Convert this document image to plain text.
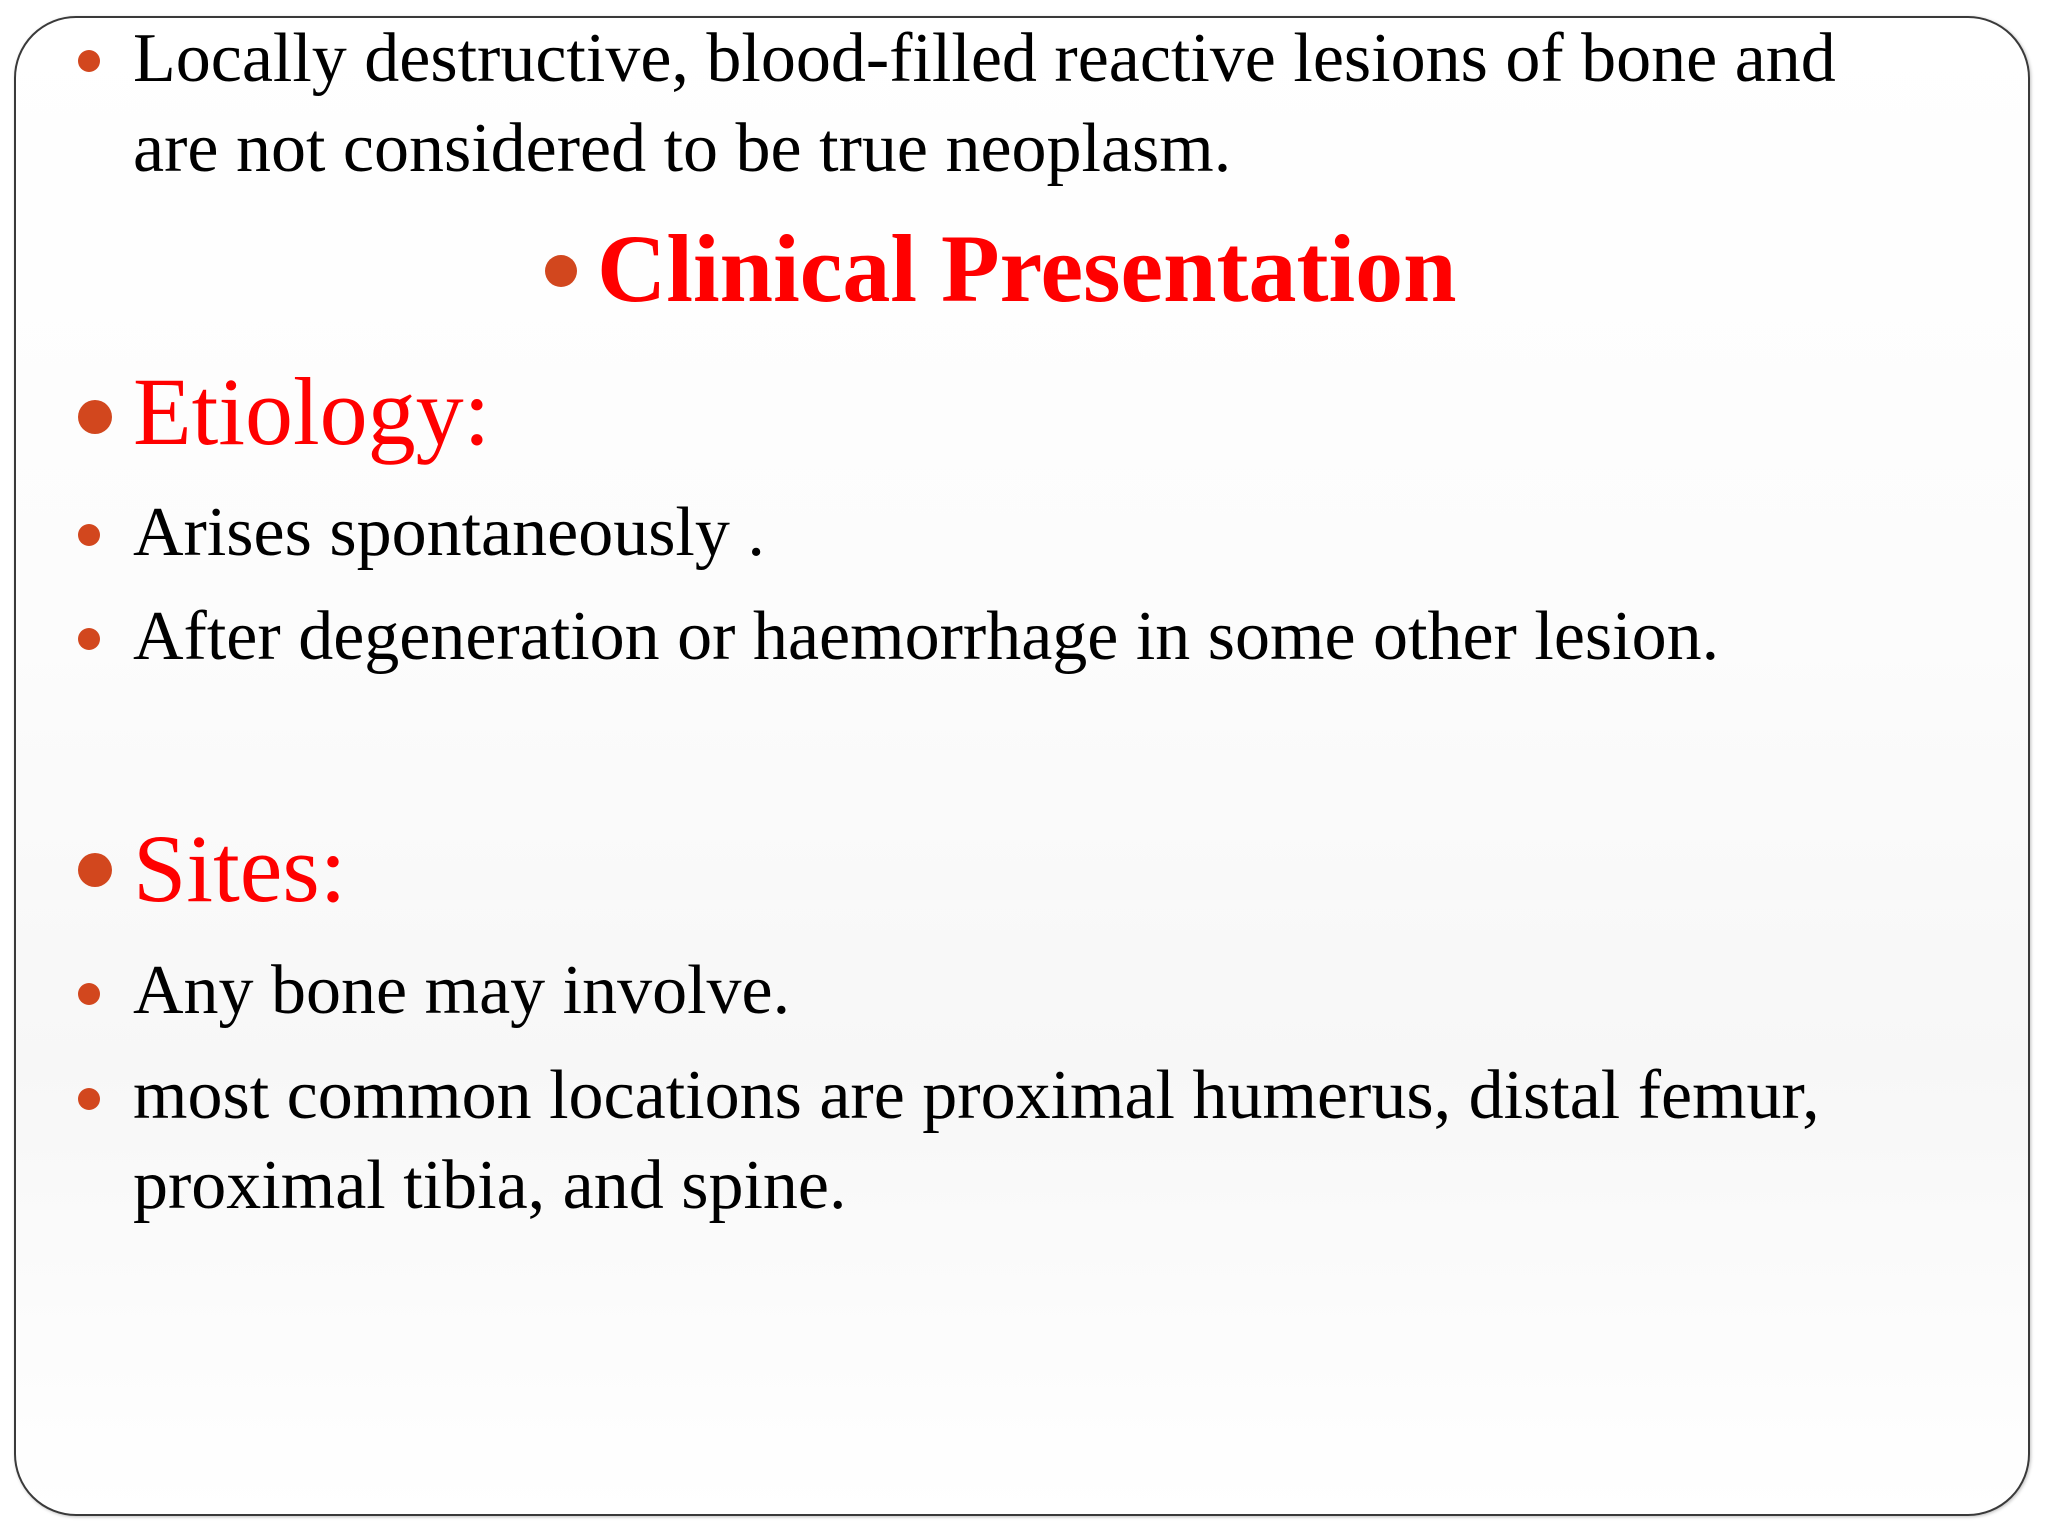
Locally destructive, blood-filled reactive lesions of bone and
are not considered to be true neoplasm.
Clinical Presentation
Etiology:
Arises spontaneously .
After degeneration or haemorrhage in some other lesion.
Sites:
Any bone may involve.
most common locations are proximal humerus, distal femur,
proximal tibia, and spine.
